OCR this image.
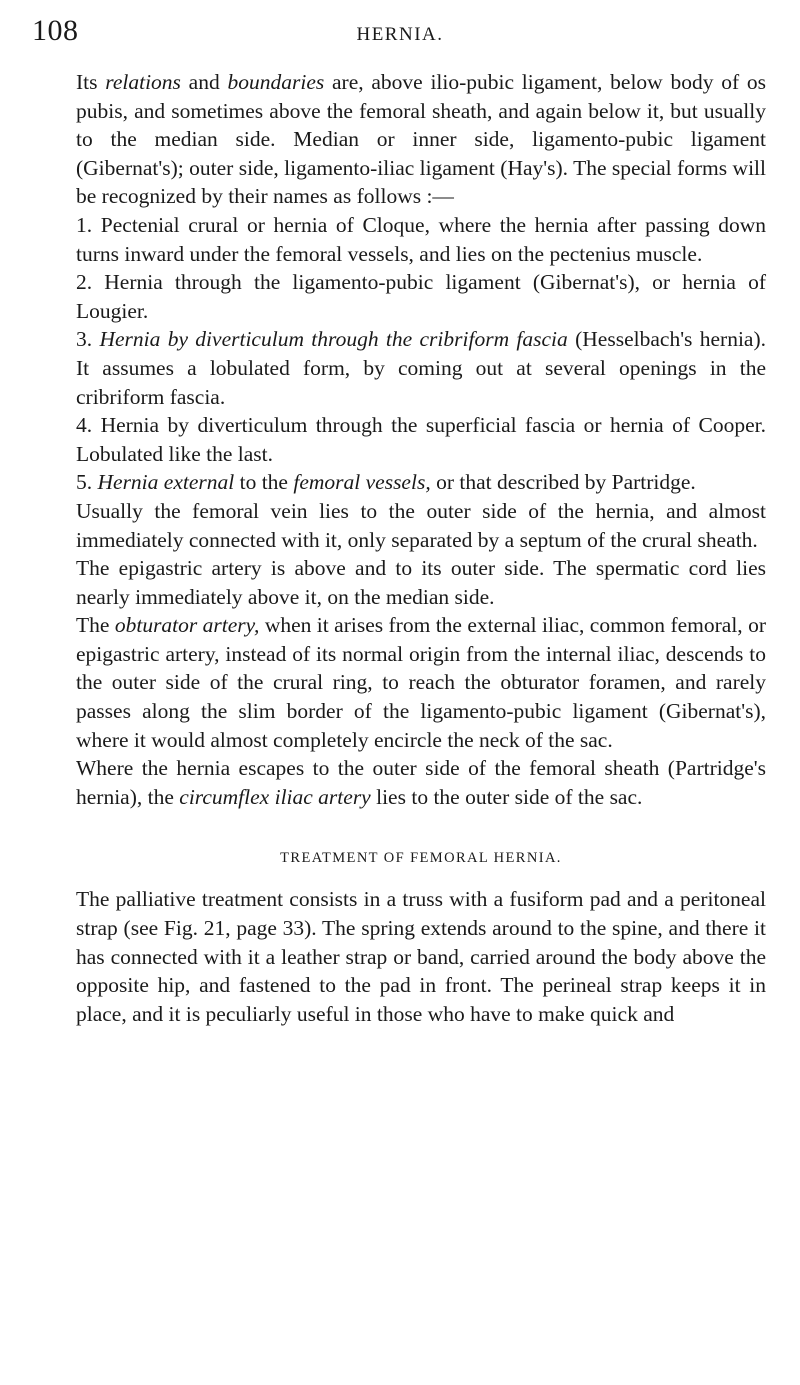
108	HERNIA.

Its relations and boundaries are, above ilio-pubic ligament, below body of os pubis, and sometimes above the femoral sheath, and again below it, but usually to the median side. Median or inner side, ligamento-pubic ligament (Gibernat's); outer side, ligamento-iliac ligament (Hay's). The special forms will be recognized by their names as follows :—

1. Pectenial crural or hernia of Cloque, where the hernia after passing down turns inward under the femoral vessels, and lies on the pectenius muscle.

2. Hernia through the ligamento-pubic ligament (Gibernat's), or hernia of Lougier.

3. Hernia by diverticulum through the cribriform fascia (Hesselbach's hernia). It assumes a lobulated form, by coming out at several openings in the cribriform fascia.

4. Hernia by diverticulum through the superficial fascia or hernia of Cooper. Lobulated like the last.

5. Hernia external to the femoral vessels, or that described by Partridge.

Usually the femoral vein lies to the outer side of the hernia, and almost immediately connected with it, only separated by a septum of the crural sheath.

The epigastric artery is above and to its outer side. The spermatic cord lies nearly immediately above it, on the median side.

The obturator artery, when it arises from the external iliac, common femoral, or epigastric artery, instead of its normal origin from the internal iliac, descends to the outer side of the crural ring, to reach the obturator foramen, and rarely passes along the slim border of the ligamento-pubic ligament (Gibernat's), where it would almost completely encircle the neck of the sac.

Where the hernia escapes to the outer side of the femoral sheath (Partridge's hernia), the circumflex iliac artery lies to the outer side of the sac.

TREATMENT OF FEMORAL HERNIA.

The palliative treatment consists in a truss with a fusiform pad and a peritoneal strap (see Fig. 21, page 33). The spring extends around to the spine, and there it has connected with it a leather strap or band, carried around the body above the opposite hip, and fastened to the pad in front. The perineal strap keeps it in place, and it is peculiarly useful in those who have to make quick and
